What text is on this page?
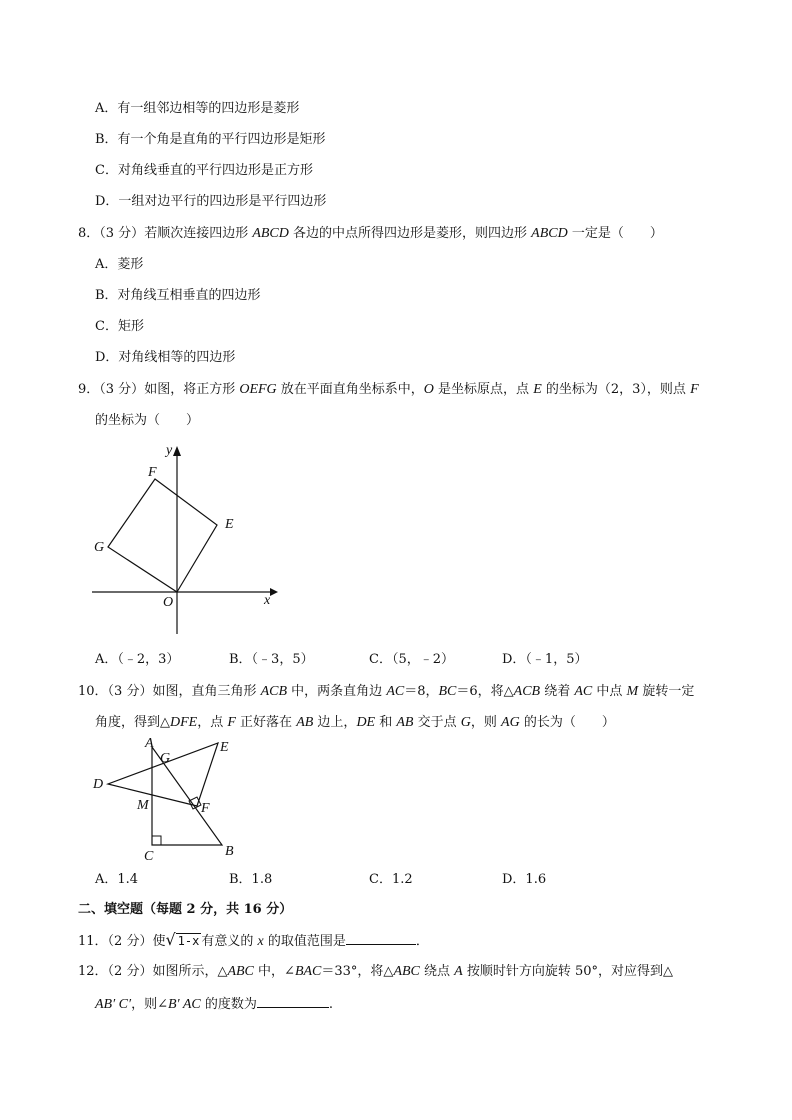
A．有一组邻边相等的四边形是菱形
B．有一个角是直角的平行四边形是矩形
C．对角线垂直的平行四边形是正方形
D．一组对边平行的四边形是平行四边形
8．（3 分）若顺次连接四边形 ABCD 各边的中点所得四边形是菱形，则四边形 ABCD 一定是（　　）
A．菱形
B．对角线互相垂直的四边形
C．矩形
D．对角线相等的四边形
9．（3 分）如图，将正方形 OEFG 放在平面直角坐标系中，O 是坐标原点，点 E 的坐标为（2，3），则点 F
的坐标为（　　）
y
x
F
E
G
O
A．（﹣2，3）	B．（﹣3，5）	C．（5，﹣2）	D．（﹣1，5）
10．（3 分）如图，直角三角形 ACB 中，两条直角边 AC＝8，BC＝6，将△ACB 绕着 AC 中点 M 旋转一定
角度，得到△DFE，点 F 正好落在 AB 边上，DE 和 AB 交于点 G，则 AG 的长为（　　）
A
G
E
D
M	F
C	B
A．1.4	B．1.8	C．1.2	D．1.6
二、填空题（每题 2 分，共 16 分）
11．（2 分）使√ 1-x 有意义的 x 的取值范围是	．
12．（2 分）如图所示，△ABC 中，∠BAC＝33°，将△ABC 绕点 A 按顺时针方向旋转 50°，对应得到△
AB′ C′，则∠B′ AC 的度数为	.
